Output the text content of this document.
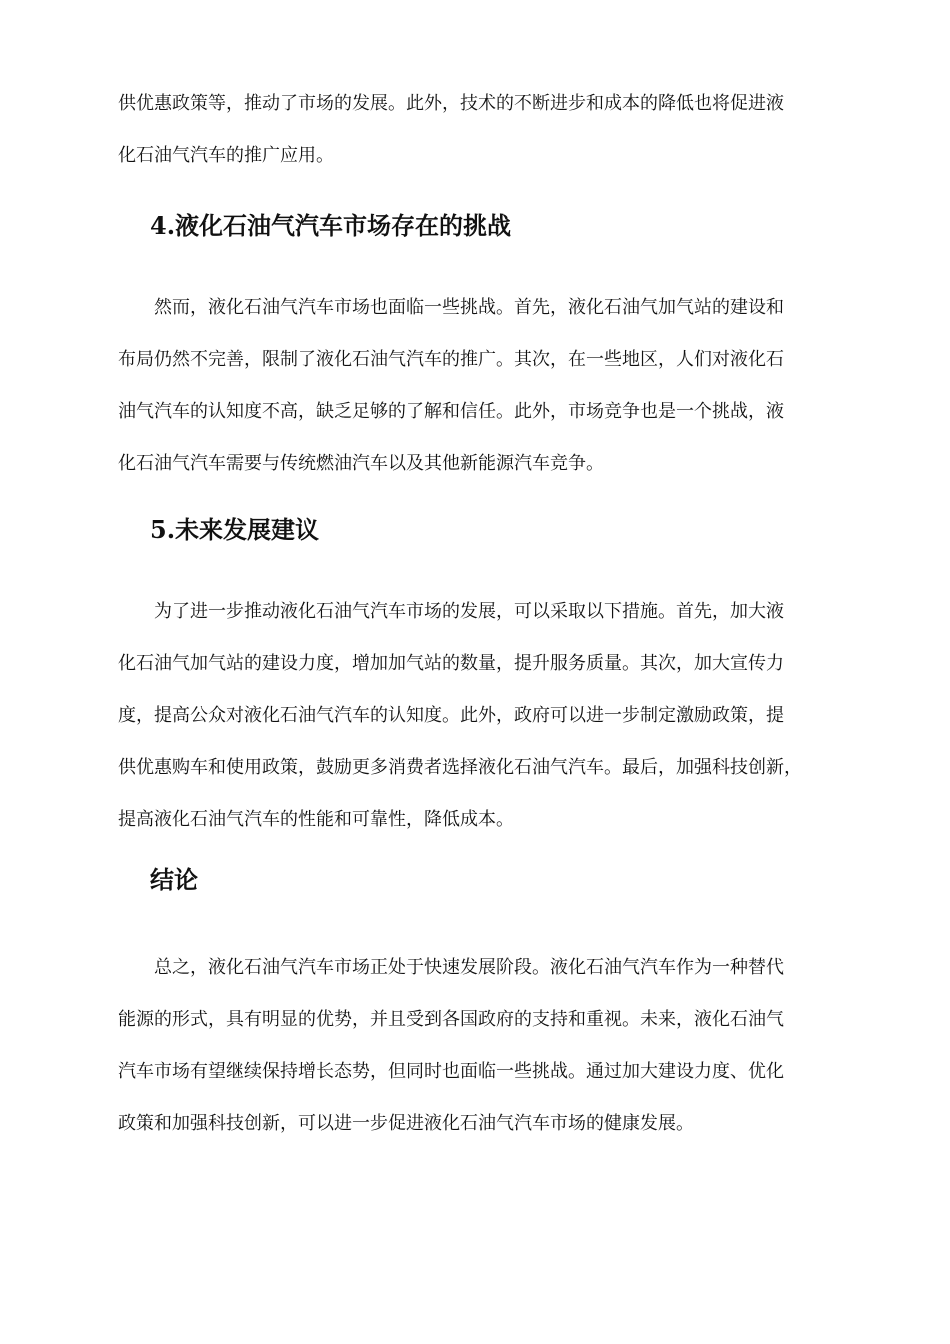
供优惠政策等，推动了市场的发展。此外，技术的不断进步和成本的降低也将促进液
化石油气汽车的推广应用。

4.液化石油气汽车市场存在的挑战

然而，液化石油气汽车市场也面临一些挑战。首先，液化石油气加气站的建设和
布局仍然不完善，限制了液化石油气汽车的推广。其次，在一些地区，人们对液化石
油气汽车的认知度不高，缺乏足够的了解和信任。此外，市场竞争也是一个挑战，液
化石油气汽车需要与传统燃油汽车以及其他新能源汽车竞争。

5.未来发展建议

为了进一步推动液化石油气汽车市场的发展，可以采取以下措施。首先，加大液
化石油气加气站的建设力度，增加加气站的数量，提升服务质量。其次，加大宣传力
度，提高公众对液化石油气汽车的认知度。此外，政府可以进一步制定激励政策，提
供优惠购车和使用政策，鼓励更多消费者选择液化石油气汽车。最后，加强科技创新，
提高液化石油气汽车的性能和可靠性，降低成本。

结论

总之，液化石油气汽车市场正处于快速发展阶段。液化石油气汽车作为一种替代
能源的形式，具有明显的优势，并且受到各国政府的支持和重视。未来，液化石油气
汽车市场有望继续保持增长态势，但同时也面临一些挑战。通过加大建设力度、优化
政策和加强科技创新，可以进一步促进液化石油气汽车市场的健康发展。
